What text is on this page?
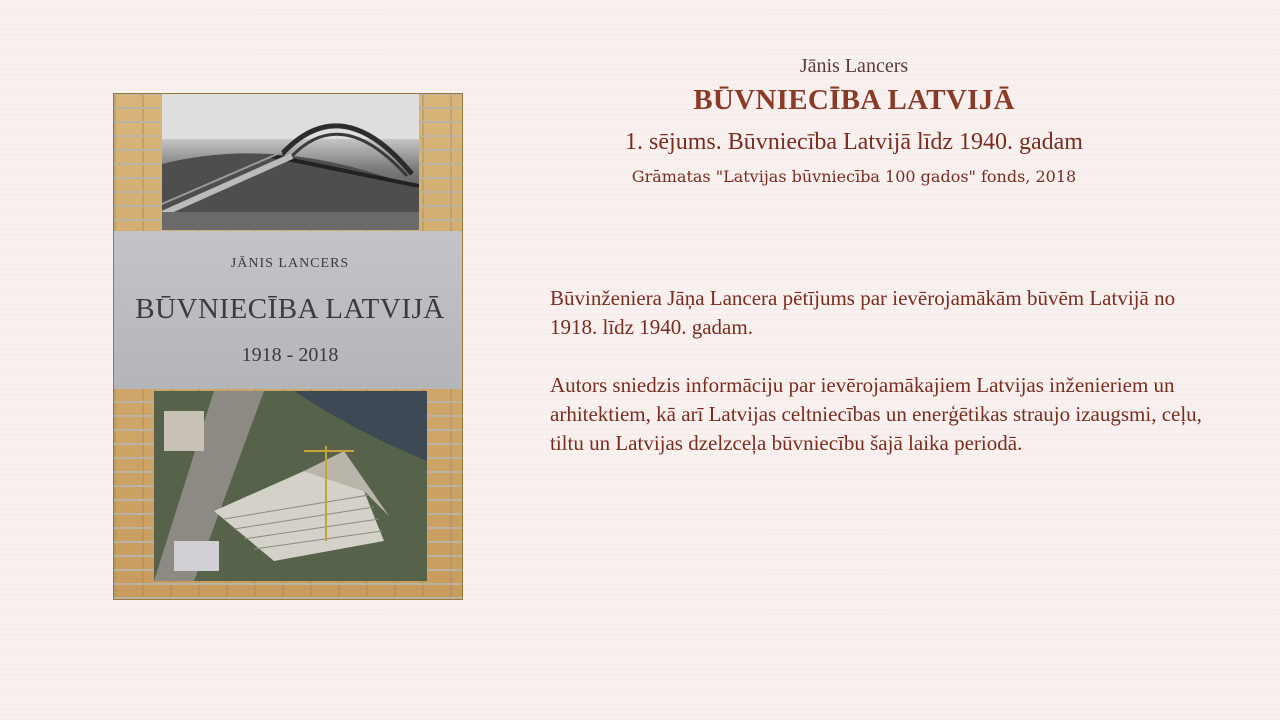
JĀNIS LANCERS
BŪVNIECĪBA LATVIJĀ
1918 - 2018
Jānis Lancers
BŪVNIECĪBA LATVIJĀ
1. sējums. Būvniecība Latvijā līdz 1940. gadam
Grāmatas "Latvijas būvniecība 100 gados" fonds, 2018

Būvinženiera Jāņa Lancera pētījums par ievērojamākām būvēm Latvijā no 1918. līdz 1940. gadam.

Autors sniedzis informāciju par ievērojamākajiem Latvijas inženieriem un arhitektiem, kā arī Latvijas celtniecības un enerģētikas straujo izaugsmi, ceļu, tiltu un Latvijas dzelzceļa būvniecību šajā laika periodā.
